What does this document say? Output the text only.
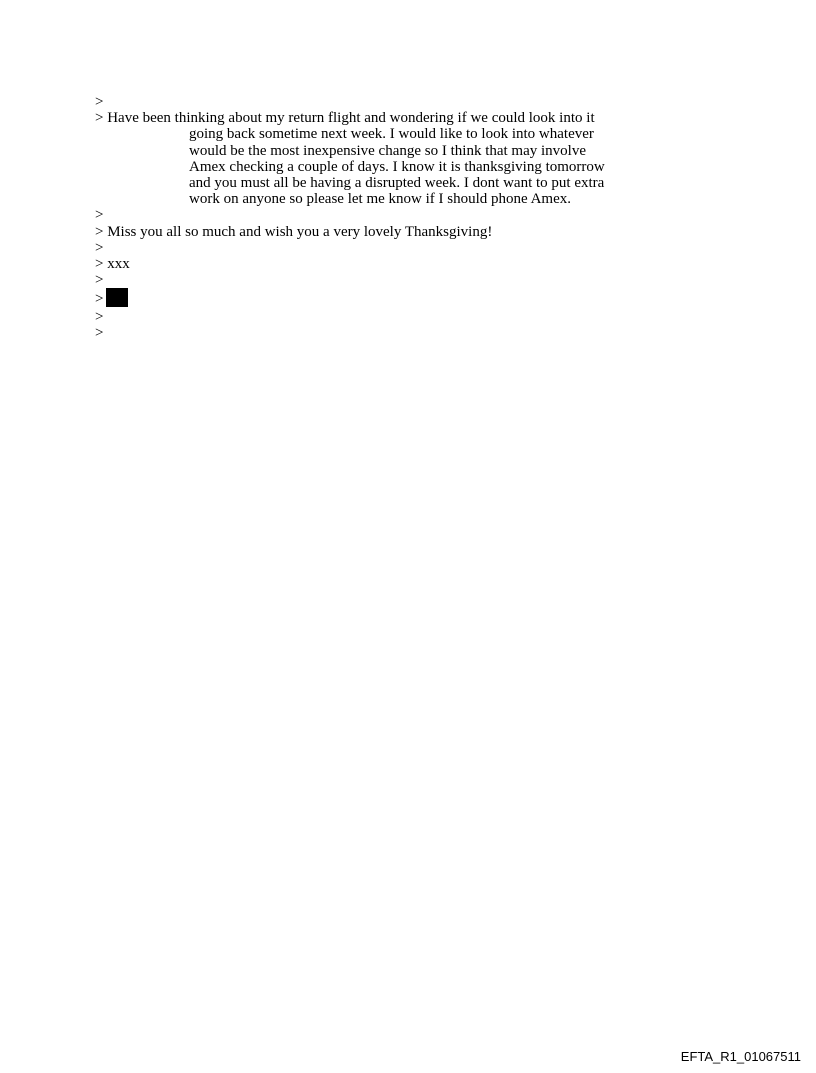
>
> Have been thinking about my return flight and wondering if we could look into it
going back sometime next week. I would like to look into whatever
would be the most inexpensive change so I think that may involve
Amex checking a couple of days. I know it is thanksgiving tomorrow
and you must all be having a disrupted week. I dont want to put extra
work on anyone so please let me know if I should phone Amex.
>
> Miss you all so much and wish you a very lovely Thanksgiving!
>
> xxx
>
>
>
>
EFTA_R1_01067511
